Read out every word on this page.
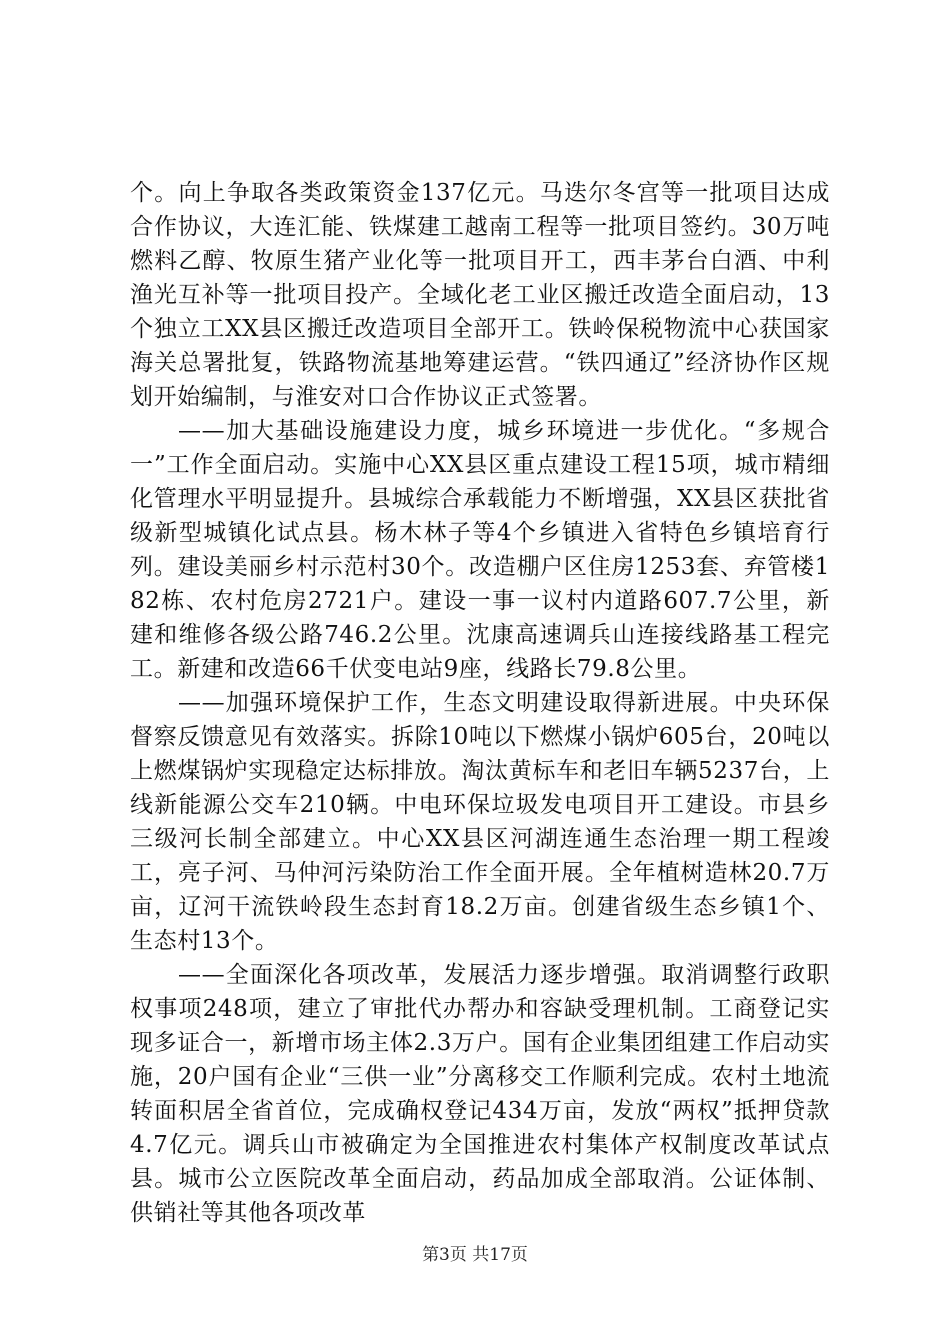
个。向上争取各类政策资金137亿元。马迭尔冬宫等一批项目达成合作协议，大连汇能、铁煤建工越南工程等一批项目签约。30万吨燃料乙醇、牧原生猪产业化等一批项目开工，西丰茅台白酒、中利渔光互补等一批项目投产。全域化老工业区搬迁改造全面启动，13个独立工XX县区搬迁改造项目全部开工。铁岭保税物流中心获国家海关总署批复，铁路物流基地筹建运营。“铁四通辽”经济协作区规划开始编制，与淮安对口合作协议正式签署。

——加大基础设施建设力度，城乡环境进一步优化。“多规合一”工作全面启动。实施中心XX县区重点建设工程15项，城市精细化管理水平明显提升。县城综合承载能力不断增强，XX县区获批省级新型城镇化试点县。杨木林子等4个乡镇进入省特色乡镇培育行列。建设美丽乡村示范村30个。改造棚户区住房1253套、弃管楼182栋、农村危房2721户。建设一事一议村内道路607.7公里，新建和维修各级公路746.2公里。沈康高速调兵山连接线路基工程完工。新建和改造66千伏变电站9座，线路长79.8公里。

——加强环境保护工作，生态文明建设取得新进展。中央环保督察反馈意见有效落实。拆除10吨以下燃煤小锅炉605台，20吨以上燃煤锅炉实现稳定达标排放。淘汰黄标车和老旧车辆5237台，上线新能源公交车210辆。中电环保垃圾发电项目开工建设。市县乡三级河长制全部建立。中心XX县区河湖连通生态治理一期工程竣工，亮子河、马仲河污染防治工作全面开展。全年植树造林20.7万亩，辽河干流铁岭段生态封育18.2万亩。创建省级生态乡镇1个、生态村13个。

——全面深化各项改革，发展活力逐步增强。取消调整行政职权事项248项，建立了审批代办帮办和容缺受理机制。工商登记实现多证合一，新增市场主体2.3万户。国有企业集团组建工作启动实施，20户国有企业“三供一业”分离移交工作顺利完成。农村土地流转面积居全省首位，完成确权登记434万亩，发放“两权”抵押贷款4.7亿元。调兵山市被确定为全国推进农村集体产权制度改革试点县。城市公立医院改革全面启动，药品加成全部取消。公证体制、供销社等其他各项改革

第3页 共17页
